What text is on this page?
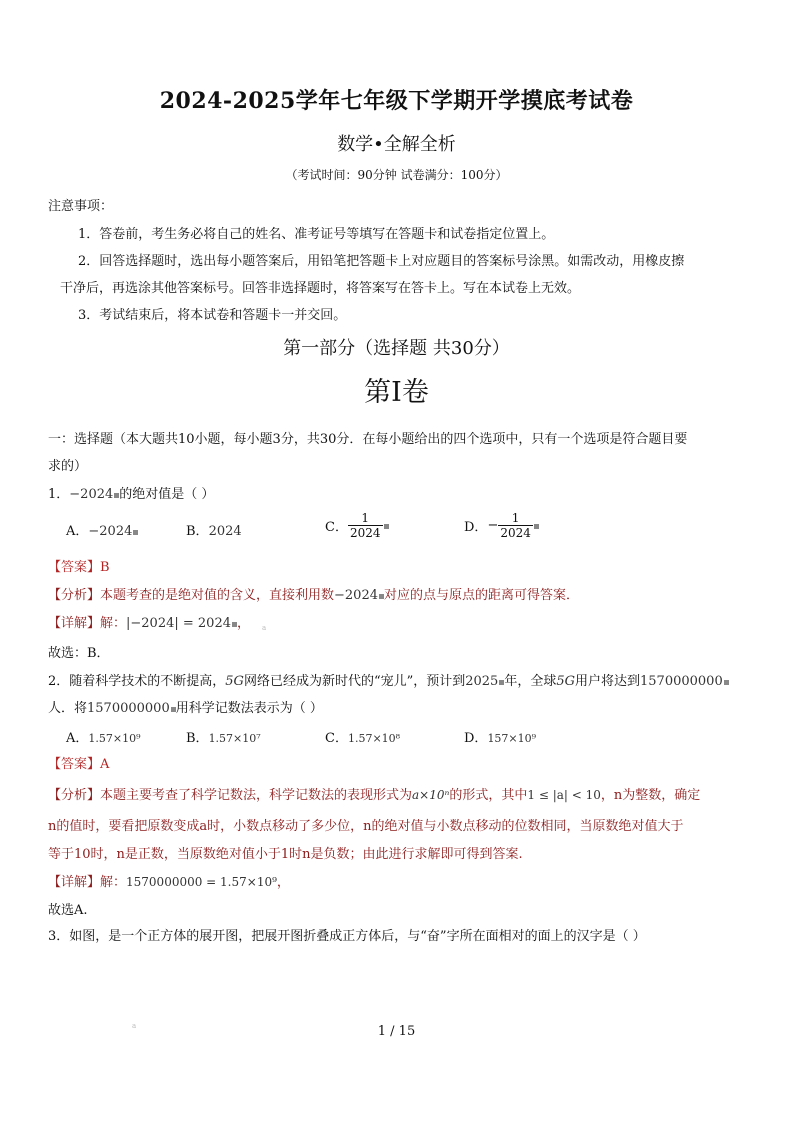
2024-2025学年七年级下学期开学摸底考试卷
数学•全解全析
（考试时间：90分钟 试卷满分：100分）
注意事项：
1．答卷前，考生务必将自己的姓名、准考证号等填写在答题卡和试卷指定位置上。
2．回答选择题时，选出每小题答案后，用铅笔把答题卡上对应题目的答案标号涂黑。如需改动，用橡皮擦
干净后，再选涂其他答案标号。回答非选择题时，将答案写在答卡上。写在本试卷上无效。
3．考试结束后，将本试卷和答题卡一并交回。
第一部分（选择题 共30分）
第Ⅰ卷
一：选择题（本大题共10小题，每小题3分，共30分．在每小题给出的四个选项中，只有一个选项是符合题目要
求的）
1．−2024 的绝对值是（ ）
A．−2024	B．2024	C． $\frac{1}{2024}$	D．− $\frac{1}{2024}$
【答案】B
【分析】本题考查的是绝对值的含义，直接利用数−2024 对应的点与原点的距离可得答案．
【详解】解：|−2024| = 2024 ， a
故选：B．
2．随着科学技术的不断提高，5G网络已经成为新时代的“宠儿”，预计到2025 年，全球5G用户将达到1570000000
人．将1570000000 用科学记数法表示为（ ）
A．1.57×10⁹	B．1.57×10⁷	C．1.57×10⁸	D．157×10⁹
【答案】A
【分析】本题主要考查了科学记数法，科学记数法的表现形式为a×10ⁿ的形式，其中1 ≤ |a| < 10，n为整数，确定
n的值时，要看把原数变成a时，小数点移动了多少位，n的绝对值与小数点移动的位数相同，当原数绝对值大于
等于10时，n是正数，当原数绝对值小于1时n是负数；由此进行求解即可得到答案.
【详解】解：1570000000 = 1.57×10⁹，
故选A.
3．如图，是一个正方体的展开图，把展开图折叠成正方体后，与“奋”字所在面相对的面上的汉字是（ ）
a	1 / 15
